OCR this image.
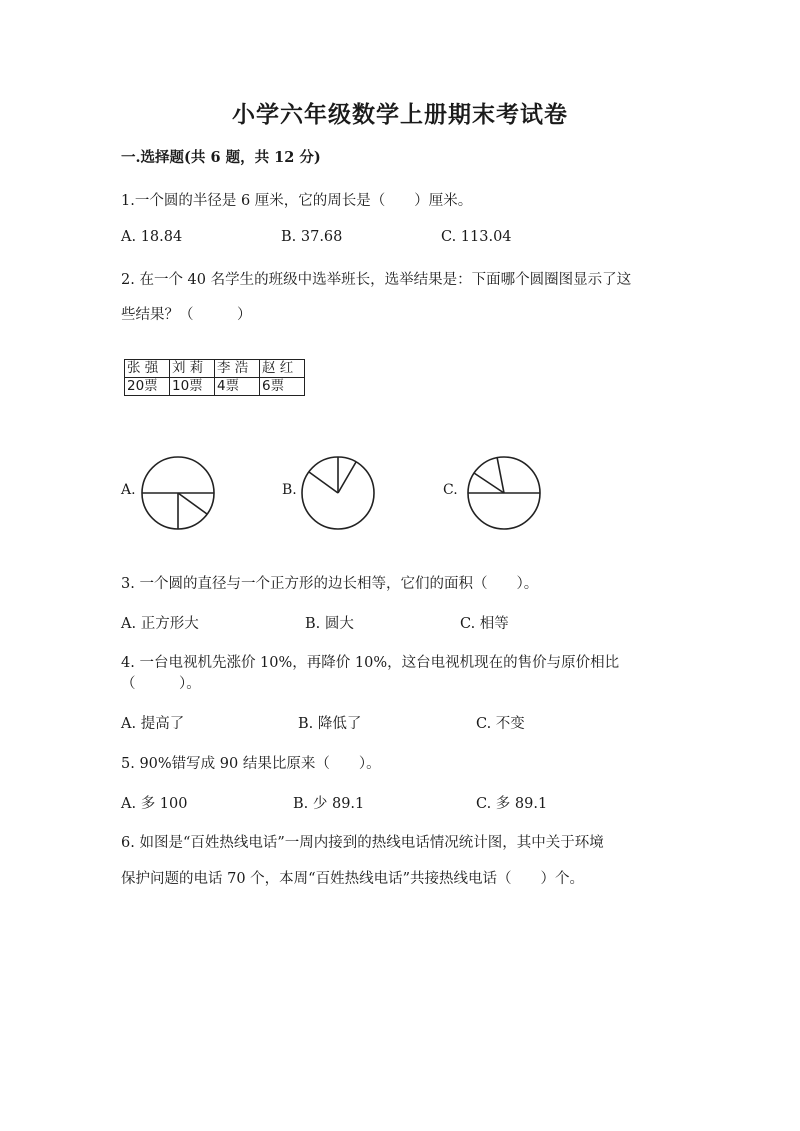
小学六年级数学上册期末考试卷
一.选择题(共 6 题，共 12 分)
1.一个圆的半径是 6 厘米，它的周长是（　　）厘米。
A. 18.84	B. 37.68	C. 113.04
2. 在一个 40 名学生的班级中选举班长，选举结果是：下面哪个圆圈图显示了这
些结果？（　　　）
张 强	刘 莉	李 浩	赵 红
20票	10票	4票	6票
A.	B.	C.
3. 一个圆的直径与一个正方形的边长相等，它们的面积（　　）。
A. 正方形大	B. 圆大	C. 相等
4. 一台电视机先涨价 10%，再降价 10%，这台电视机现在的售价与原价相比
（　　　）。
A. 提高了	B. 降低了	C. 不变
5. 90%错写成 90 结果比原来（　　）。
A. 多 100	B. 少 89.1	C. 多 89.1
6. 如图是“百姓热线电话”一周内接到的热线电话情况统计图，其中关于环境
保护问题的电话 70 个，本周“百姓热线电话”共接热线电话（　　）个。
